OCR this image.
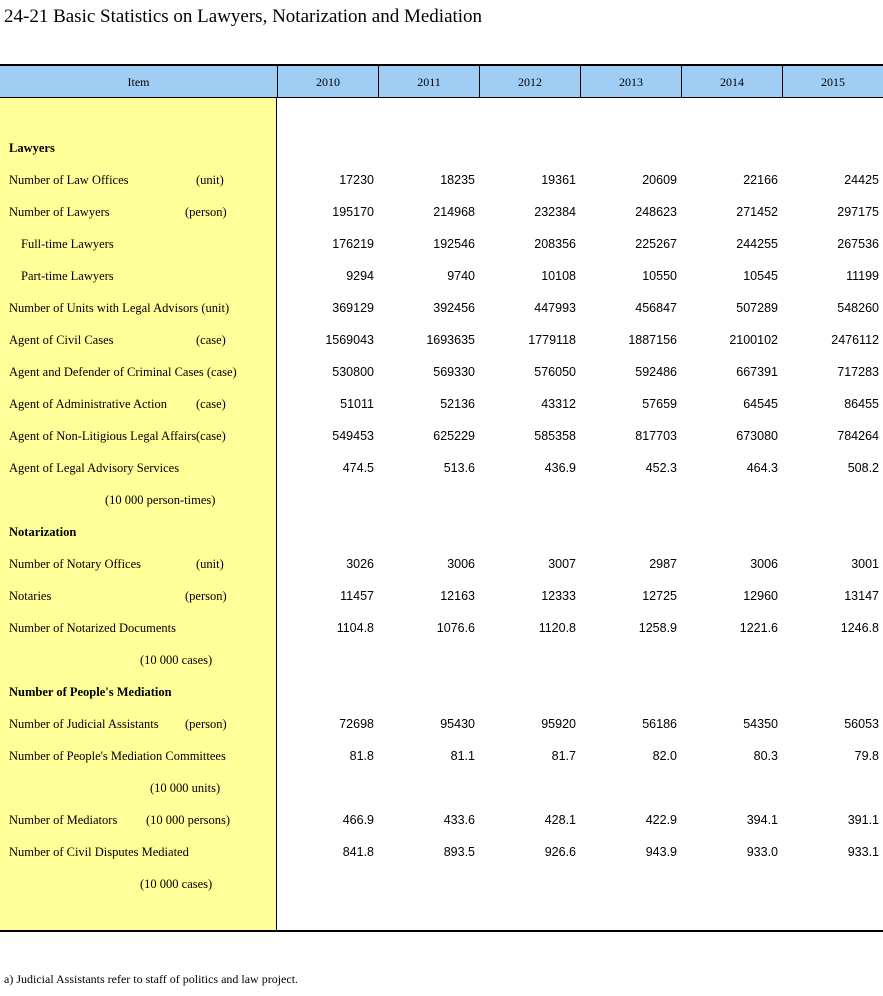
24-21 Basic Statistics on Lawyers, Notarization and Mediation
Item	2010	2011	2012	2013	2014	2015
Lawyers
Number of Law Offices	(unit)	17230	18235	19361	20609	22166	24425
Number of Lawyers	(person)	195170	214968	232384	248623	271452	297175
Full-time Lawyers	176219	192546	208356	225267	244255	267536
Part-time Lawyers	9294	9740	10108	10550	10545	11199
Number of Units with Legal Advisors (unit)	369129	392456	447993	456847	507289	548260
Agent of Civil Cases	(case)	1569043	1693635	1779118	1887156	2100102	2476112
Agent and Defender of Criminal Cases (case)	530800	569330	576050	592486	667391	717283
Agent of Administrative Action (case)	51011	52136	43312	57659	64545	86455
Agent of Non-Litigious Legal Affairs (case)	549453	625229	585358	817703	673080	784264
Agent of Legal Advisory Services	474.5	513.6	436.9	452.3	464.3	508.2
(10 000 person-times)
Notarization
Number of Notary Offices	(unit)	3026	3006	3007	2987	3006	3001
Notaries	(person)	11457	12163	12333	12725	12960	13147
Number of Notarized Documents	1104.8	1076.6	1120.8	1258.9	1221.6	1246.8
(10 000 cases)
Number of People's Mediation
Number of Judicial Assistants (person)	72698	95430	95920	56186	54350	56053
Number of People's Mediation Committees	81.8	81.1	81.7	82.0	80.3	79.8
(10 000 units)
Number of Mediators (10 000 persons)	466.9	433.6	428.1	422.9	394.1	391.1
Number of Civil Disputes Mediated	841.8	893.5	926.6	943.9	933.0	933.1
(10 000 cases)
a) Judicial Assistants refer to staff of politics and law project.
